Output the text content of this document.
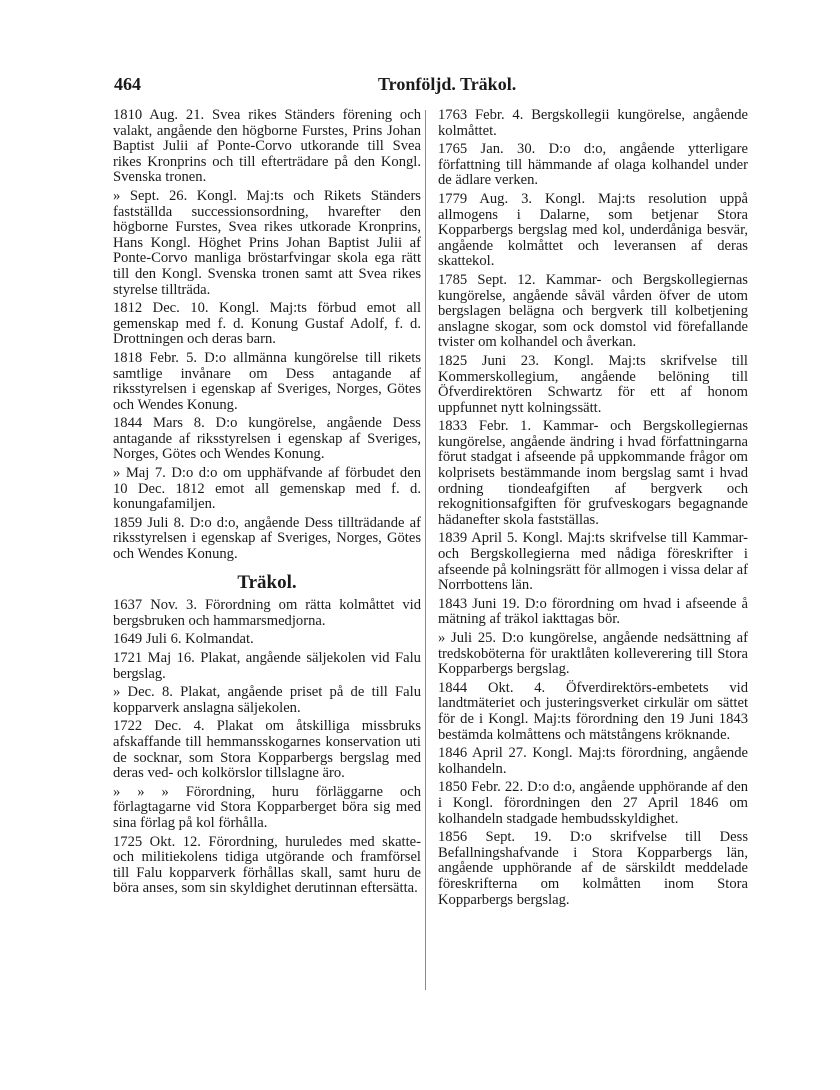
464	Tronföljd. Träkol.
1810 Aug. 21. Svea rikes Ständers förening och valakt, angående den högborne Furstes, Prins Johan Baptist Julii af Ponte-Corvo utkorande till Svea rikes Kronprins och till efterträdare på den Kongl. Svenska tronen.
» Sept. 26. Kongl. Maj:ts och Rikets Ständers fastställda successionsordning, hvarefter den högborne Furstes, Svea rikes utkorade Kronprins, Hans Kongl. Höghet Prins Johan Baptist Julii af Ponte-Corvo manliga bröstarfvingar skola ega rätt till den Kongl. Svenska tronen samt att Svea rikes styrelse tillträda.
1812 Dec. 10. Kongl. Maj:ts förbud emot all gemenskap med f. d. Konung Gustaf Adolf, f. d. Drottningen och deras barn.
1818 Febr. 5. D:o allmänna kungörelse till rikets samtlige invånare om Dess antagande af riksstyrelsen i egenskap af Sveriges, Norges, Götes och Wendes Konung.
1844 Mars 8. D:o kungörelse, angående Dess antagande af riksstyrelsen i egenskap af Sveriges, Norges, Götes och Wendes Konung.
» Maj 7. D:o d:o om upphäfvande af förbudet den 10 Dec. 1812 emot all gemenskap med f. d. konungafamiljen.
1859 Juli 8. D:o d:o, angående Dess tillträdande af riksstyrelsen i egenskap af Sveriges, Norges, Götes och Wendes Konung.
Träkol.
1637 Nov. 3. Förordning om rätta kolmåttet vid bergsbruken och hammarsmedjorna.
1649 Juli 6. Kolmandat.
1721 Maj 16. Plakat, angående säljekolen vid Falu bergslag.
» Dec. 8. Plakat, angående priset på de till Falu kopparverk anslagna säljekolen.
1722 Dec. 4. Plakat om åtskilliga missbruks afskaffande till hemmansskogarnes konservation uti de socknar, som Stora Kopparbergs bergslag med deras ved- och kolkörslor tillslagne äro.
» » » Förordning, huru förläggarne och förlagtagarne vid Stora Kopparberget böra sig med sina förlag på kol förhålla.
1725 Okt. 12. Förordning, huruledes med skatte- och militiekolens tidiga utgörande och framförsel till Falu kopparverk förhållas skall, samt huru de böra anses, som sin skyldighet derutinnan eftersätta.
1763 Febr. 4. Bergskollegii kungörelse, angående kolmåttet.
1765 Jan. 30. D:o d:o, angående ytterligare författning till hämmande af olaga kolhandel under de ädlare verken.
1779 Aug. 3. Kongl. Maj:ts resolution uppå allmogens i Dalarne, som betjenar Stora Kopparbergs bergslag med kol, underdåniga besvär, angående kolmåttet och leveransen af deras skattekol.
1785 Sept. 12. Kammar- och Bergskollegiernas kungörelse, angående såväl vården öfver de utom bergslagen belägna och bergverk till kolbetjening anslagne skogar, som ock domstol vid förefallande tvister om kolhandel och åverkan.
1825 Juni 23. Kongl. Maj:ts skrifvelse till Kommerskollegium, angående belöning till Öfverdirektören Schwartz för ett af honom uppfunnet nytt kolningssätt.
1833 Febr. 1. Kammar- och Bergskollegiernas kungörelse, angående ändring i hvad författningarna förut stadgat i afseende på uppkommande frågor om kolprisets bestämmande inom bergslag samt i hvad ordning tiondeafgiften af bergverk och rekognitionsafgiften för grufveskogars begagnande hädanefter skola fastställas.
1839 April 5. Kongl. Maj:ts skrifvelse till Kammar- och Bergskollegierna med nådiga föreskrifter i afseende på kolningsrätt för allmogen i vissa delar af Norrbottens län.
1843 Juni 19. D:o förordning om hvad i afseende å mätning af träkol iakttagas bör.
» Juli 25. D:o kungörelse, angående nedsättning af tredskoböterna för uraktlåten kolleverering till Stora Kopparbergs bergslag.
1844 Okt. 4. Öfverdirektörs-embetets vid landtmäteriet och justeringsverket cirkulär om sättet för de i Kongl. Maj:ts förordning den 19 Juni 1843 bestämda kolmåttens och mätstångens kröknande.
1846 April 27. Kongl. Maj:ts förordning, angående kolhandeln.
1850 Febr. 22. D:o d:o, angående upphörande af den i Kongl. förordningen den 27 April 1846 om kolhandeln stadgade hembudsskyldighet.
1856 Sept. 19. D:o skrifvelse till Dess Befallningshafvande i Stora Kopparbergs län, angående upphörande af de särskildt meddelade föreskrifterna om kolmåtten inom Stora Kopparbergs bergslag.
